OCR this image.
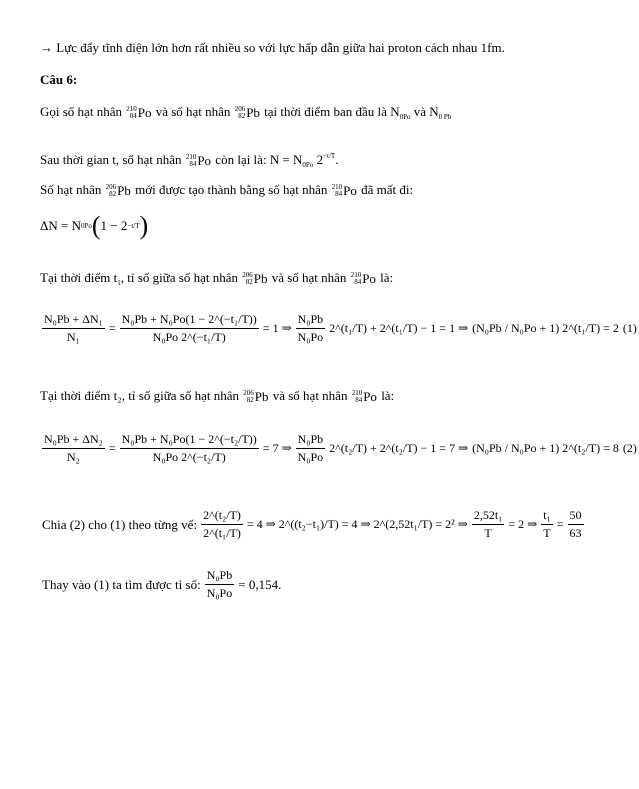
→ Lực đẩy tĩnh điện lớn hơn rất nhiều so với lực hấp dẫn giữa hai proton cách nhau 1fm.
Câu 6:
Gọi số hạt nhân 210
84 Po và số hạt nhân 206
82 Pb tại thời điểm ban đầu là $N_{0Po}$ và $N_{0 Pb}$
Sau thời gian t, số hạt nhân 210
84 Po còn lại là: $N = N_{0Po}$ $2^{-t/T}$.
Số hạt nhân 206
82 Pb mới được tạo thành bằng số hạt nhân 210
84 Po đã mất đi:
ΔN = N 0Po ( 1 − 2 −t/T )
Tại thời điểm $t_1$, tỉ số giữa số hạt nhân 206
82 Pb và số hạt nhân 210
84 Po là:
$\frac{\text{N₀Pb + ΔN₁}}{\text{N₁}} = \frac{\text{N₀Pb + N₀Po(1 − 2\textasciicircum{}(−t₁/T))}}{\text{N₀Po 2\textasciicircum{}(−t₁/T)}} = 1$ ⇒ $\frac{\text{N₀Pb}}{\text{N₀Po}}$ 2^(t₁/T) + 2^(t₁/T) − 1 = 1 ⇒ (N₀Pb / N₀Po + 1) 2^(t₁/T) = 2 (1)
Tại thời điểm t₂, tỉ số giữa số hạt nhân 206
82 Pb và số hạt nhân 210
84 Po là:
$\frac{\text{N₀Pb + ΔN₂}}{\text{N₂}} = \frac{\text{N₀Pb + N₀Po(1 − 2\textasciicircum{}(−t₂/T))}}{\text{N₀Po 2\textasciicircum{}(−t₂/T)}} = 7$ ⇒ $\frac{\text{N₀Pb}}{\text{N₀Po}}$ 2^(t₂/T) + 2^(t₂/T) − 1 = 7 ⇒ (N₀Pb / N₀Po + 1) 2^(t₂/T) = 8 (2)
Chia (2) cho (1) theo từng vế: $\frac{\text{2\textasciicircum{}(t₂/T)}}{\text{2\textasciicircum{}(t₁/T)}} = 4$ ⇒ 2^((t₂−t₁)/T) = 4 ⇒ 2^(2,52t₁/T) = 2² ⇒ $\frac{\text{2,52t₁}}{T} = 2$ ⇒ $\frac{\text{t₁}}{T} = \frac{50}{63}$
Thay vào (1) ta tìm được tỉ số: $\frac{\text{N₀Pb}}{\text{N₀Po}} = 0,154$.
